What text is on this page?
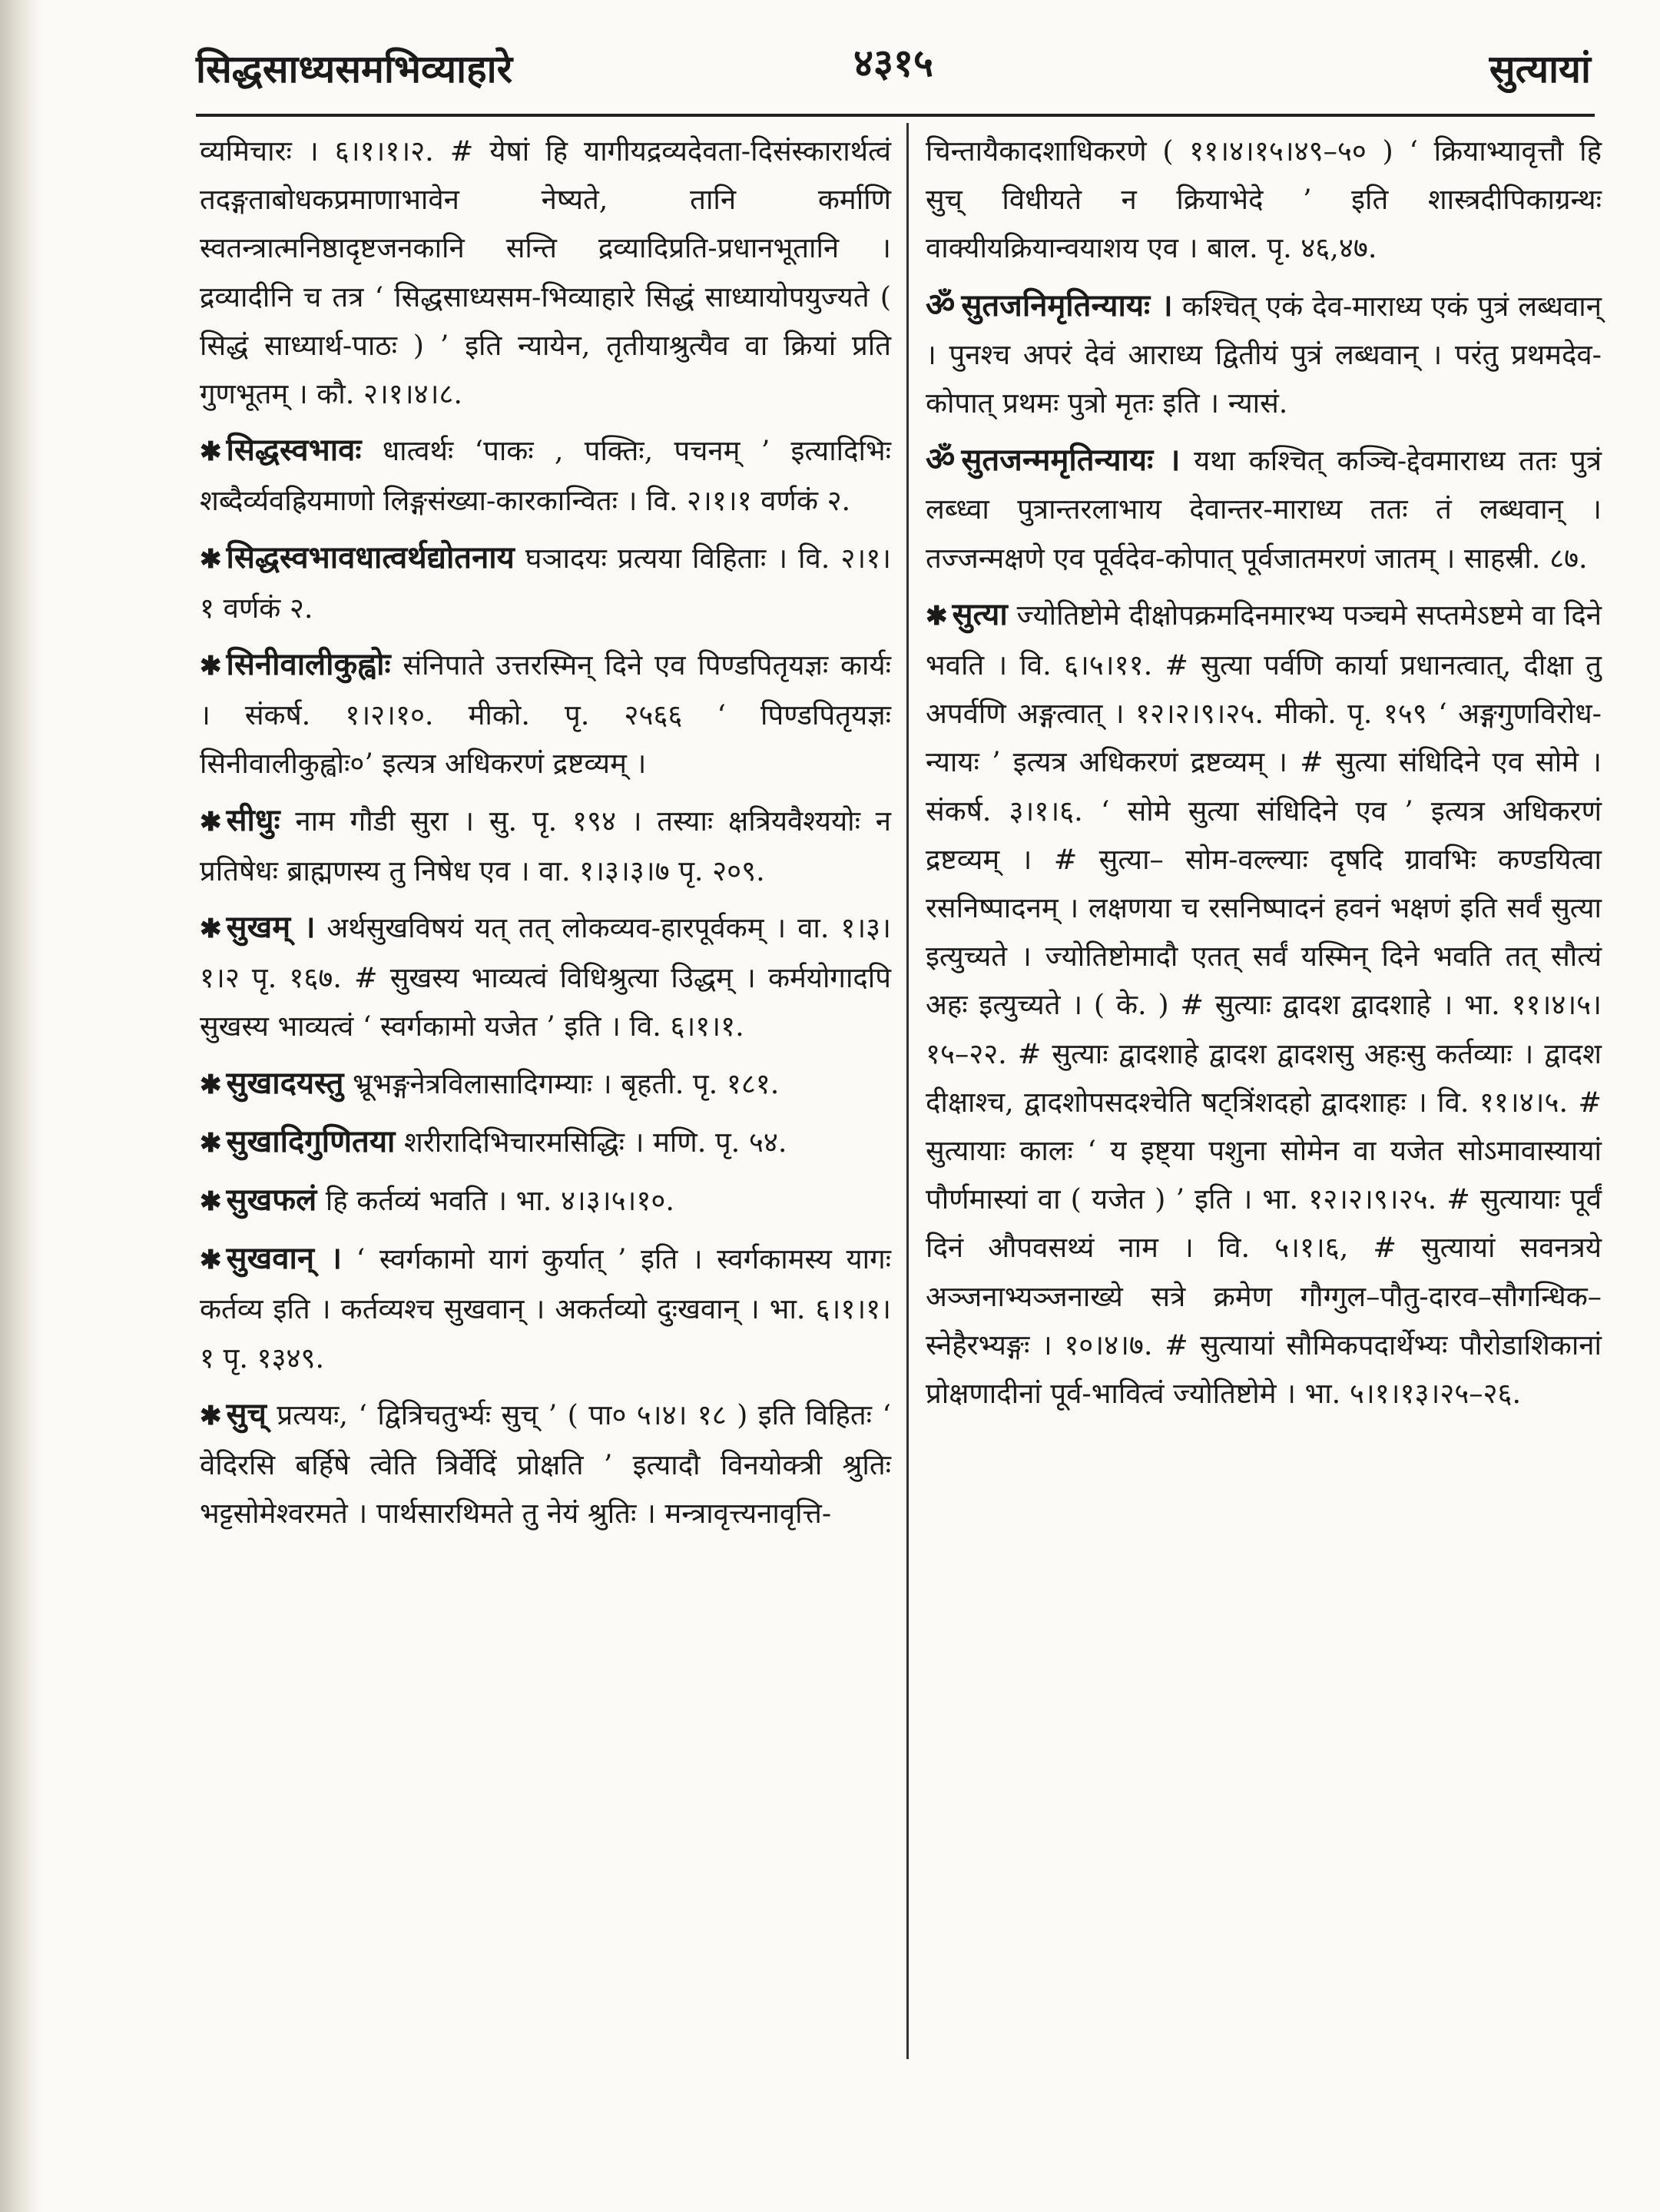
सिद्धसाध्यसमभिव्याहारे	४३१५	सुत्यायां

व्यमिचारः । ६।१।१।२. # येषां हि यागीयद्रव्यदेवता-दिसंस्कारार्थत्वं तदङ्गताबोधकप्रमाणाभावेन नेष्यते, तानि कर्माणि स्वतन्त्रात्मनिष्ठादृष्टजनकानि सन्ति द्रव्यादिप्रति-प्रधानभूतानि । द्रव्यादीनि च तत्र ‘ सिद्धसाध्यसम-भिव्याहारे सिद्धं साध्यायोपयुज्यते ( सिद्धं साध्यार्थ-पाठः ) ’ इति न्यायेन, तृतीयाश्रुत्यैव वा क्रियां प्रति गुणभूतम् । कौ. २।१।४।८.

✱ सिद्धस्वभावः धात्वर्थः ‘पाकः , पक्तिः, पचनम् ’ इत्यादिभिः शब्दैर्व्यवह्रियमाणो लिङ्गसंख्या-कारकान्वितः । वि. २।१।१ वर्णकं २.

✱ सिद्धस्वभावधात्वर्थद्योतनाय घञादयः प्रत्यया विहिताः । वि. २।१।१ वर्णकं २.

✱ सिनीवालीकुह्वोः संनिपाते उत्तरस्मिन् दिने एव पिण्डपितृयज्ञः कार्यः । संकर्ष. १।२।१०. मीको. पृ. २५६६ ‘ पिण्डपितृयज्ञः सिनीवालीकुह्वोः०’ इत्यत्र अधिकरणं द्रष्टव्यम् ।

✱ सीधुः नाम गौडी सुरा । सु. पृ. १९४ । तस्याः क्षत्रियवैश्ययोः न प्रतिषेधः ब्राह्मणस्य तु निषेध एव । वा. १।३।३।७ पृ. २०९.

✱ सुखम् । अर्थसुखविषयं यत् तत् लोकव्यव-हारपूर्वकम् । वा. १।३।१।२ पृ. १६७. # सुखस्य भाव्यत्वं विधिश्रुत्या उिद्धम् । कर्मयोगादपि सुखस्य भाव्यत्वं ‘ स्वर्गकामो यजेत ’ इति । वि. ६।१।१.

✱ सुखादयस्तु भ्रूभङ्गनेत्रविलासादिगम्याः । बृहती. पृ. १८१.

✱ सुखादिगुणितया शरीरादिभिचारमसिद्धिः । मणि. पृ. ५४.

✱ सुखफलं हि कर्तव्यं भवति । भा. ४।३।५।१०.

✱ सुखवान् । ‘ स्वर्गकामो यागं कुर्यात् ’ इति । स्वर्गकामस्य यागः कर्तव्य इति । कर्तव्यश्च सुखवान् । अकर्तव्यो दुःखवान् । भा. ६।१।१।१ पृ. १३४९.

✱ सुच् प्रत्ययः, ‘ द्वित्रिचतुर्भ्यः सुच् ’ ( पा० ५।४। १८ ) इति विहितः ‘ वेदिरसि बर्हिषे त्वेति त्रिर्वेदिं प्रोक्षति ’ इत्यादौ विनयोक्त्री श्रुतिः भट्टसोमेश्वरमते । पार्थसारथिमते तु नेयं श्रुतिः । मन्त्रावृत्त्यनावृत्ति-

चिन्तायैकादशाधिकरणे ( ११।४।१५।४९–५० ) ‘ क्रियाभ्यावृत्तौ हि सुच् विधीयते न क्रियाभेदे ’ इति शास्त्रदीपिकाग्रन्थः वाक्यीयक्रियान्वयाशय एव । बाल. पृ. ४६,४७.

ॐ सुतजनिमृतिन्यायः । कश्चित् एकं देव-माराध्य एकं पुत्रं लब्धवान् । पुनश्च अपरं देवं आराध्य द्वितीयं पुत्रं लब्धवान् । परंतु प्रथमदेव-कोपात् प्रथमः पुत्रो मृतः इति । न्यासं.

ॐ सुतजन्ममृतिन्यायः । यथा कश्चित् कञ्चि-द्देवमाराध्य ततः पुत्रं लब्ध्वा पुत्रान्तरलाभाय देवान्तर-माराध्य ततः तं लब्धवान् । तज्जन्मक्षणे एव पूर्वदेव-कोपात् पूर्वजातमरणं जातम् । साहस्री. ८७.

✱ सुत्या ज्योतिष्टोमे दीक्षोपक्रमदिनमारभ्य पञ्चमे सप्तमेऽष्टमे वा दिने भवति । वि. ६।५।११. # सुत्या पर्वणि कार्या प्रधानत्वात्, दीक्षा तु अपर्वणि अङ्गत्वात् । १२।२।९।२५. मीको. पृ. १५९ ‘ अङ्गगुणविरोध-न्यायः ’ इत्यत्र अधिकरणं द्रष्टव्यम् । # सुत्या संधिदिने एव सोमे । संकर्ष. ३।१।६. ‘ सोमे सुत्या संधिदिने एव ’ इत्यत्र अधिकरणं द्रष्टव्यम् । # सुत्या– सोम-वल्ल्याः दृषदि ग्रावभिः कण्डयित्वा रसनिष्पादनम् । लक्षणया च रसनिष्पादनं हवनं भक्षणं इति सर्वं सुत्या इत्युच्यते । ज्योतिष्टोमादौ एतत् सर्वं यस्मिन् दिने भवति तत् सौत्यं अहः इत्युच्यते । ( के. ) # सुत्याः द्वादश द्वादशाहे । भा. ११।४।५।१५–२२. # सुत्याः द्वादशाहे द्वादश द्वादशसु अहःसु कर्तव्याः । द्वादश दीक्षाश्च, द्वादशोपसदश्चेति षट्त्रिंशदहो द्वादशाहः । वि. ११।४।५. # सुत्यायाः कालः ‘ य इष्ट्या पशुना सोमेन वा यजेत सोऽमावास्यायां पौर्णमास्यां वा ( यजेत ) ’ इति । भा. १२।२।९।२५. # सुत्यायाः पूर्वं दिनं औपवसथ्यं नाम । वि. ५।१।६, # सुत्यायां सवनत्रये अञ्जनाभ्यञ्जनाख्ये सत्रे क्रमेण गौग्गुल–पौतु-दारव–सौगन्धिक–स्नेहैरभ्यङ्गः । १०।४।७. # सुत्यायां सौमिकपदार्थेभ्यः पौरोडाशिकानां प्रोक्षणादीनां पूर्व-भावित्वं ज्योतिष्टोमे । भा. ५।१।१३।२५–२६.
